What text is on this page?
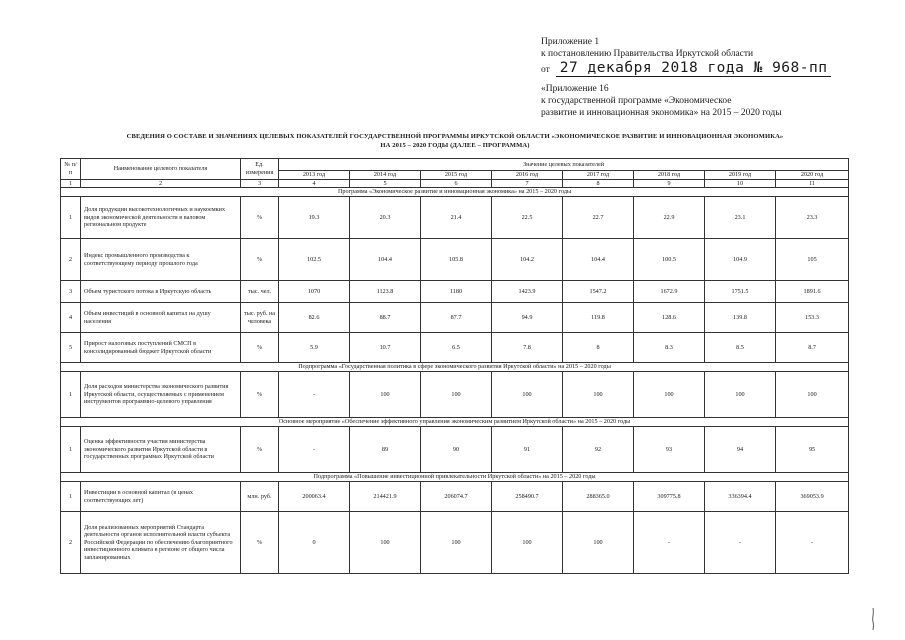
Приложение 1
к постановлению Правительства Иркутской области
от 27 декабря 2018 года № 968-пп
«Приложение 16
к государственной программе «Экономическое
развитие и инновационная экономика» на 2015 – 2020 годы
СВЕДЕНИЯ О СОСТАВЕ И ЗНАЧЕНИЯХ ЦЕЛЕВЫХ ПОКАЗАТЕЛЕЙ ГОСУДАРСТВЕННОЙ ПРОГРАММЫ ИРКУТСКОЙ ОБЛАСТИ «ЭКОНОМИЧЕСКОЕ РАЗВИТИЕ И ИННОВАЦИОННАЯ ЭКОНОМИКА»
НА 2015 – 2020 ГОДЫ (ДАЛЕЕ – ПРОГРАММА)
№ п/п	Наименование целевого показателя	Ед. измерения	Значение целевых показателей							
			2013 год	2014 год	2015 год	2016 год	2017 год	2018 год	2019 год	2020 год
1	2	3	4	5	6	7	8	9	10	11
Программа «Экономическое развитие и инновационная экономика» на 2015 – 2020 годы										
1	Доля продукции высокотехнологичных и наукоемких видов экономической деятельности в валовом региональном продукте	%	19.3	20.3	21.4	22.5	22.7	22.9	23.1	23.3
2	Индекс промышленного производства к соответствующему периоду прошлого года	%	102.5	104.4	105.8	104.2	104.4	100.5	104.9	105
3	Объем туристского потока в Иркутскую область	тыс. чел.	1070	1123.8	1180	1423.9	1547.2	1672.9	1751.5	1891.6
4	Объем инвестиций в основной капитал на душу населения	тыс. руб. на человека	82.6	88.7	87.7	94.9	119.8	128.6	139.8	153.3
5	Прирост налоговых поступлений СМСП в консолидированный бюджет Иркутской области	%	5.9	10.7	6.5	7.8	8	8.3	8.5	8.7
Подпрограмма «Государственная политика в сфере экономического развития Иркутской области» на 2015 – 2020 годы										
1	Доля расходов министерства экономического развития Иркутской области, осуществляемых с применением инструментов программно-целевого управления	%	-	100	100	100	100	100	100	100
Основное мероприятие «Обеспечение эффективного управления экономическим развитием Иркутской области» на 2015 – 2020 годы										
1	Оценка эффективности участия министерства экономического развития Иркутской области в государственных программах Иркутской области	%	-	89	90	91	92	93	94	95
Подпрограмма «Повышение инвестиционной привлекательности Иркутской области» на 2015 – 2020 годы										
1	Инвестиции в основной капитал (в ценах соответствующих лет)	млн. руб.	200063.4	214421.9	206074.7	258490.7	288365.0	309775.8	336394.4	369053.9
2	Доля реализованных мероприятий Стандарта деятельности органов исполнительной власти субъекта Российской Федерации по обеспечению благоприятного инвестиционного климата в регионе от общего числа запланированных	%	0	100	100	100	100	-	-	-
